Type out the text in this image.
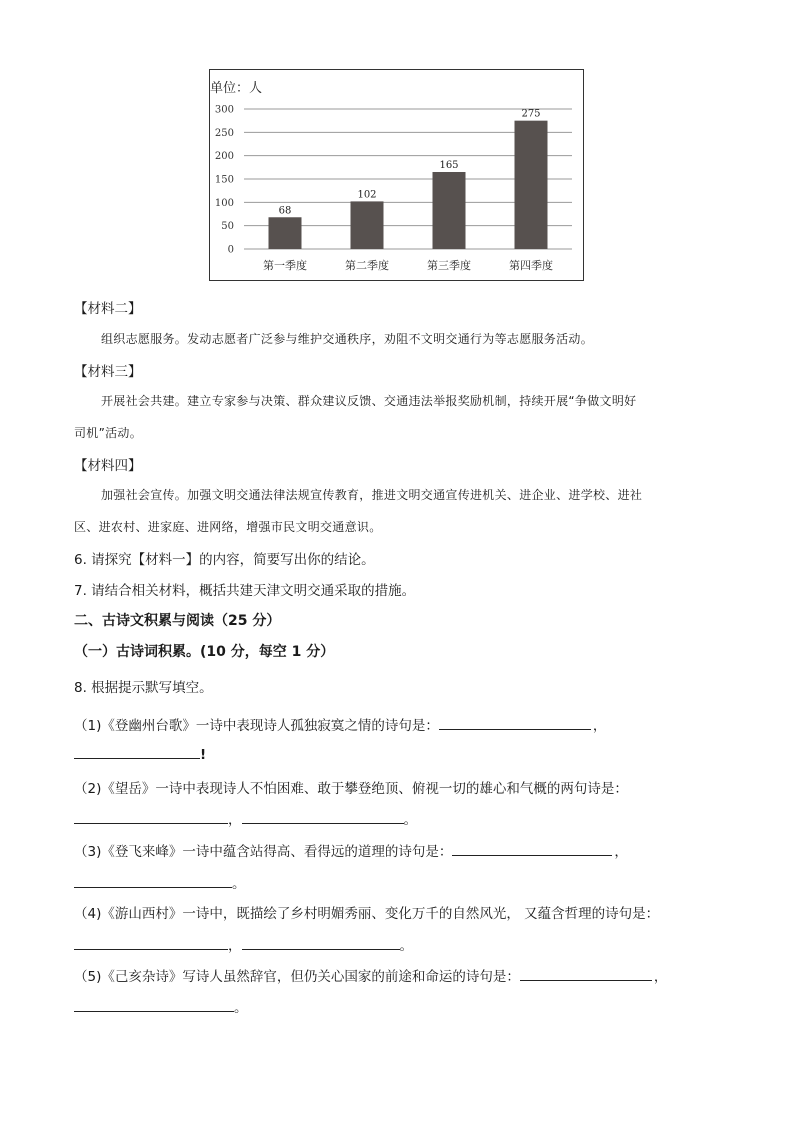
单位：人
0
50
100
150
200
250
300
68
第一季度
102
第二季度
165
第三季度
275
第四季度
【材料二】
组织志愿服务。发动志愿者广泛参与维护交通秩序，劝阻不文明交通行为等志愿服务活动。
【材料三】
开展社会共建。建立专家参与决策、群众建议反馈、交通违法举报奖励机制，持续开展“争做文明好
司机”活动。
【材料四】
加强社会宣传。加强文明交通法律法规宣传教育，推进文明交通宣传进机关、进企业、进学校、进社
区、进农村、进家庭、进网络，增强市民文明交通意识。
6. 请探究【材料一】的内容，简要写出你的结论。
7. 请结合相关材料，概括共建天津文明交通采取的措施。
二、古诗文积累与阅读（25 分）
（一）古诗词积累。(10 分，每空 1 分）
8. 根据提示默写填空。
（1)《登幽州台歌》一诗中表现诗人孤独寂寞之情的诗句是：	，
!
（2)《望岳》一诗中表现诗人不怕困难、敢于攀登绝顶、俯视一切的雄心和气概的两句诗是：
，	。
（3)《登飞来峰》一诗中蕴含站得高、看得远的道理的诗句是：	，
。
（4)《游山西村》一诗中，既描绘了乡村明媚秀丽、变化万千的自然风光， 又蕴含哲理的诗句是：
，	。
（5)《己亥杂诗》写诗人虽然辞官，但仍关心国家的前途和命运的诗句是：	，
。
